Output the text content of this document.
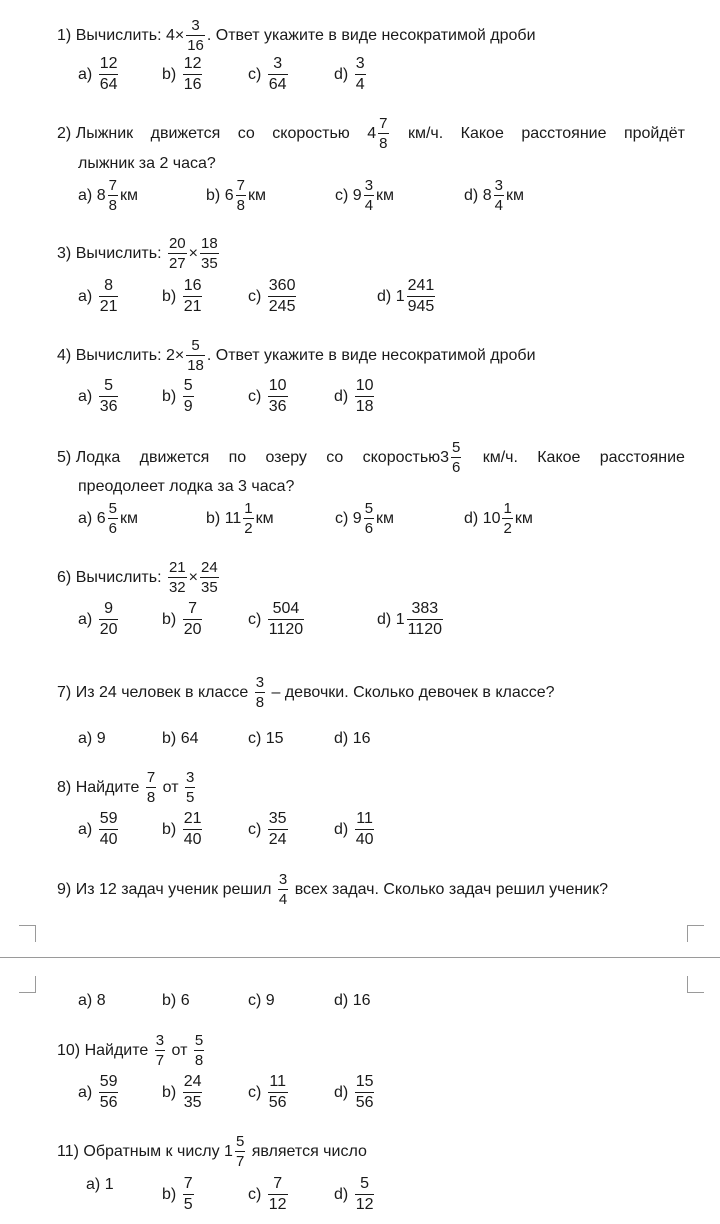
1)
Вычислить: $4\times \frac{3}{16}$ . Ответ укажите в виде несократимой дроби
a)
$\frac{12}{64}$	b)
$\frac{12}{16}$	c)
$\frac{3}{64}$	d)
$\frac{3}{4}$
2) Лыжник движется со скоростью $4 \frac{7}{8} км/ч$. Какое расстояние пройдёт
лыжник за 2 часа?
a)
$8 \frac{7}{8}$ км	b)
$6 \frac{7}{8}$ км	c)
$9 \frac{3}{4}$ км	d)
$8 \frac{3}{4}$ км
3)
Вычислить:
$\frac{20}{27} \times \frac{18}{35}$
a)
$\frac{8}{21}$	b)
$\frac{16}{21}$	c)
$\frac{360}{245}$	d)
$1 \frac{241}{945}$
4)
Вычислить: $2\times \frac{5}{18}$ . Ответ укажите в виде несократимой дроби
a)
$\frac{5}{36}$	b)
$\frac{5}{9}$	c)
$\frac{10}{36}$	d)
$\frac{10}{18}$
5) Лодка движется по озеру со скоростью3 $\frac{5}{6} км/ч$. Какое расстояние
преодолеет лодка за 3 часа?
a)
$6 \frac{5}{6}$ км	b)
$11 \frac{1}{2}$ км	c)
$9 \frac{5}{6}$ км	d)
$10 \frac{1}{2}$ км
6)
Вычислить:
$\frac{21}{32} \times \frac{24}{35}$
a)
$\frac{9}{20}$	b)
$\frac{7}{20}$	c)
$\frac{504}{1120}$	d)
$1 \frac{383}{1120}$
7)
Из 24 человек в классе
$\frac{3}{8}$
– девочки. Сколько девочек в классе?
a)
9	b)
64	c)
15	d)
16
8)
Найдите
$\frac{7}{8}$
от
$\frac{3}{5}$
a)
$\frac{59}{40}$	b)
$\frac{21}{40}$	c)
$\frac{35}{24}$	d)
$\frac{11}{40}$
9)
Из 12 задач ученик решил
$\frac{3}{4}$
всех задач. Сколько задач решил ученик?
a)
8	b)
6	c)
9	d)
16
10)
Найдите
$\frac{3}{7}$
от
$\frac{5}{8}$
a)
$\frac{59}{56}$	b)
$\frac{24}{35}$	c)
$\frac{11}{56}$	d)
$\frac{15}{56}$
11)
Обратным к числу $1 \frac{5}{7}$
является число
a)
1
b)
$\frac{7}{5}$	c)
$\frac{7}{12}$	d)
$\frac{5}{12}$
